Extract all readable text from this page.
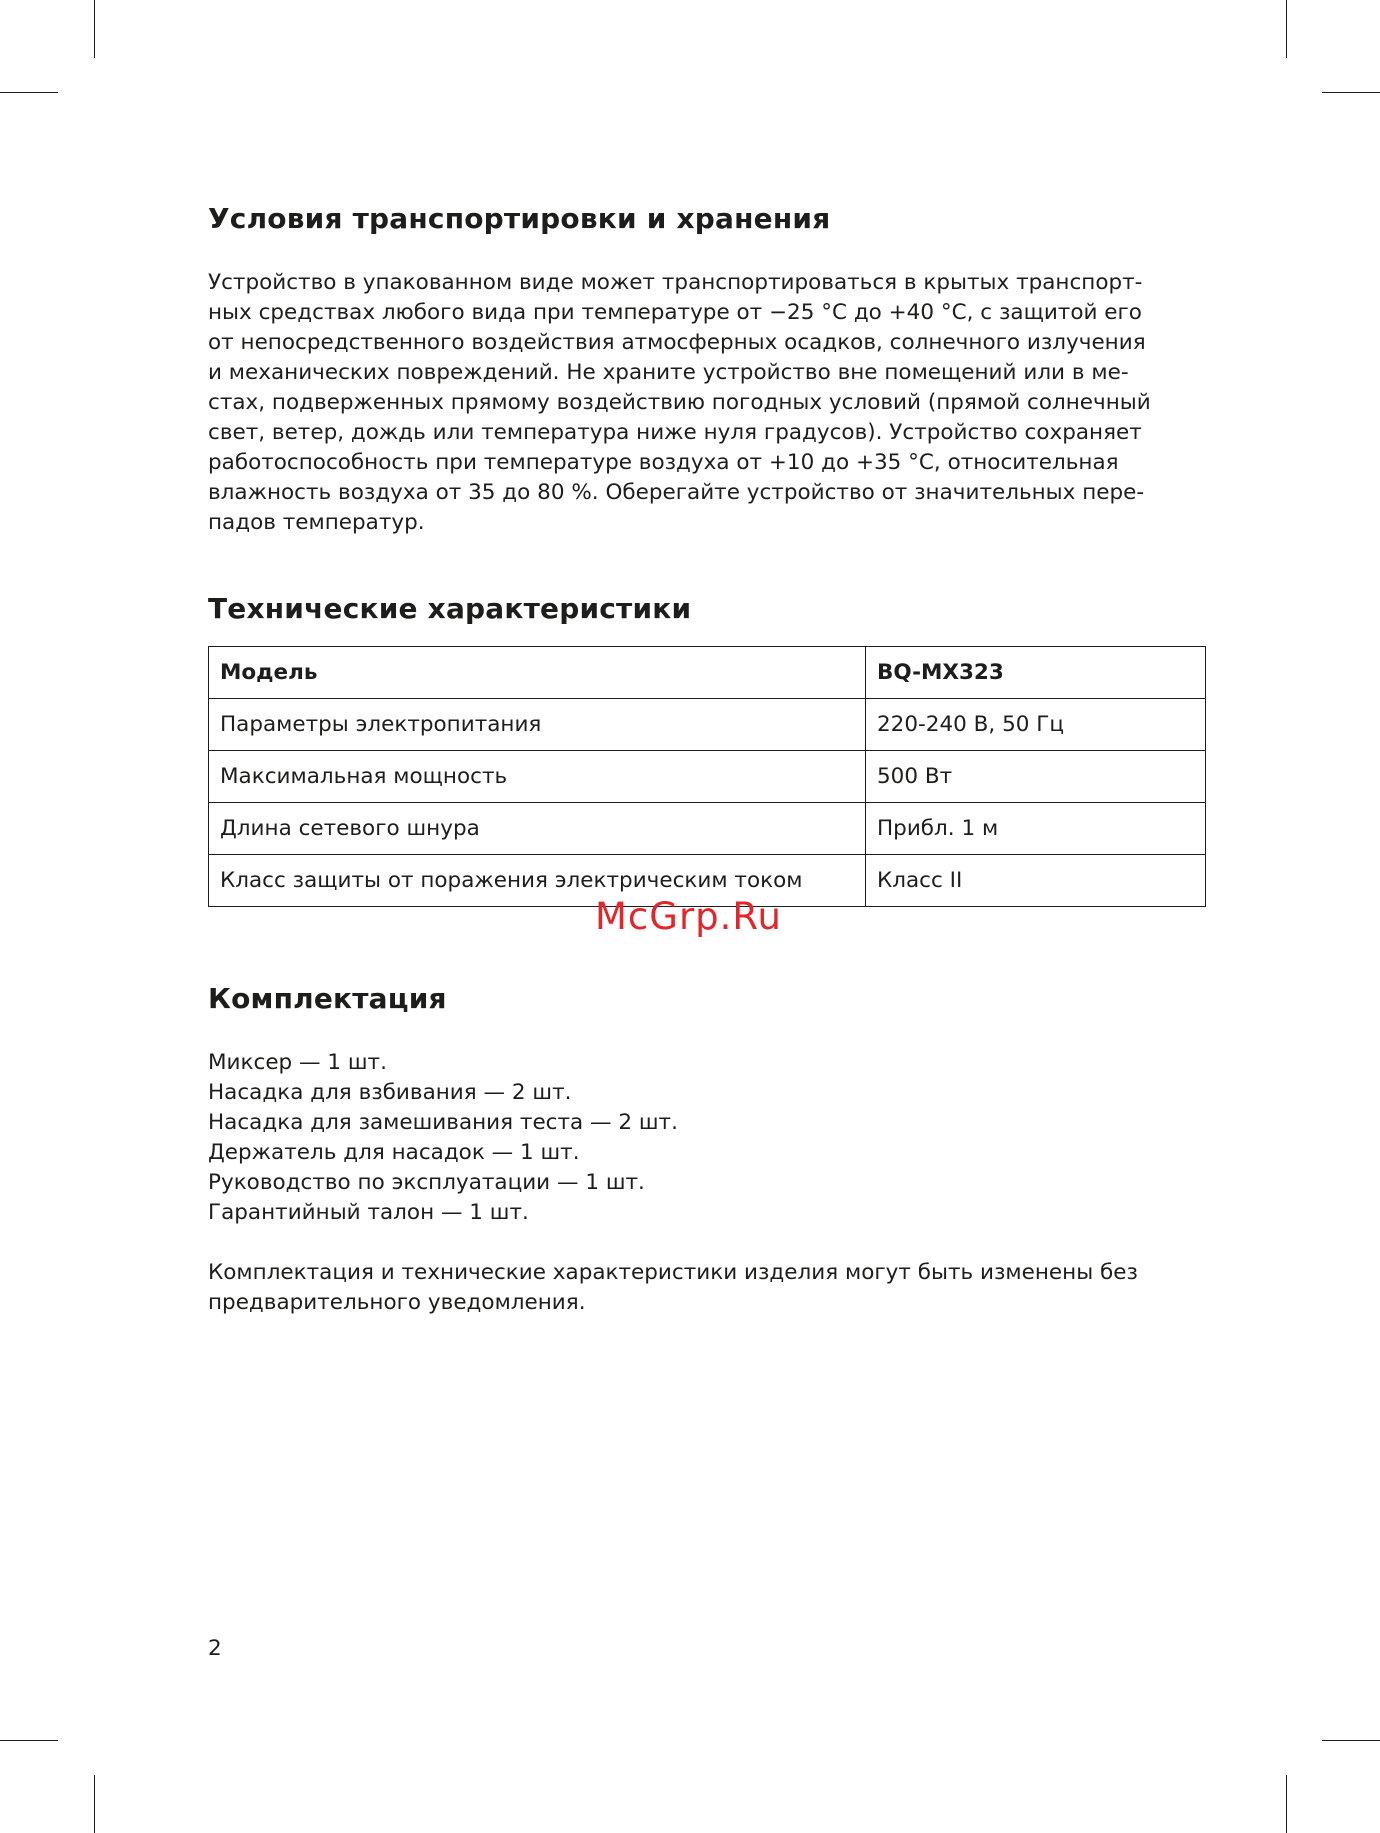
Условия транспортировки и хранения

Устройство в упакованном виде может транспортироваться в крытых транспорт-
ных средствах любого вида при температуре от −25 °C до +40 °C, с защитой его
от непосредственного воздействия атмосферных осадков, солнечного излучения
и механических повреждений. Не храните устройство вне помещений или в ме-
стах, подверженных прямому воздействию погодных условий (прямой солнечный
свет, ветер, дождь или температура ниже нуля градусов). Устройство сохраняет
работоспособность при температуре воздуха от +10 до +35 °C, относительная
влажность воздуха от 35 до 80 %. Оберегайте устройство от значительных пере-
падов температур.

Технические характеристики
Модель	BQ-MX323
Параметры электропитания	220-240 В, 50 Гц
Максимальная мощность	500 Вт
Длина сетевого шнура	Прибл. 1 м
Класс защиты от поражения электрическим током	Класс II
Комплектация
Миксер — 1 шт.
Насадка для взбивания — 2 шт.
Насадка для замешивания теста — 2 шт.
Держатель для насадок — 1 шт.
Руководство по эксплуатации — 1 шт.
Гарантийный талон — 1 шт.

Комплектация и технические характеристики изделия могут быть изменены без
предварительного уведомления.

McGrp.Ru
2
